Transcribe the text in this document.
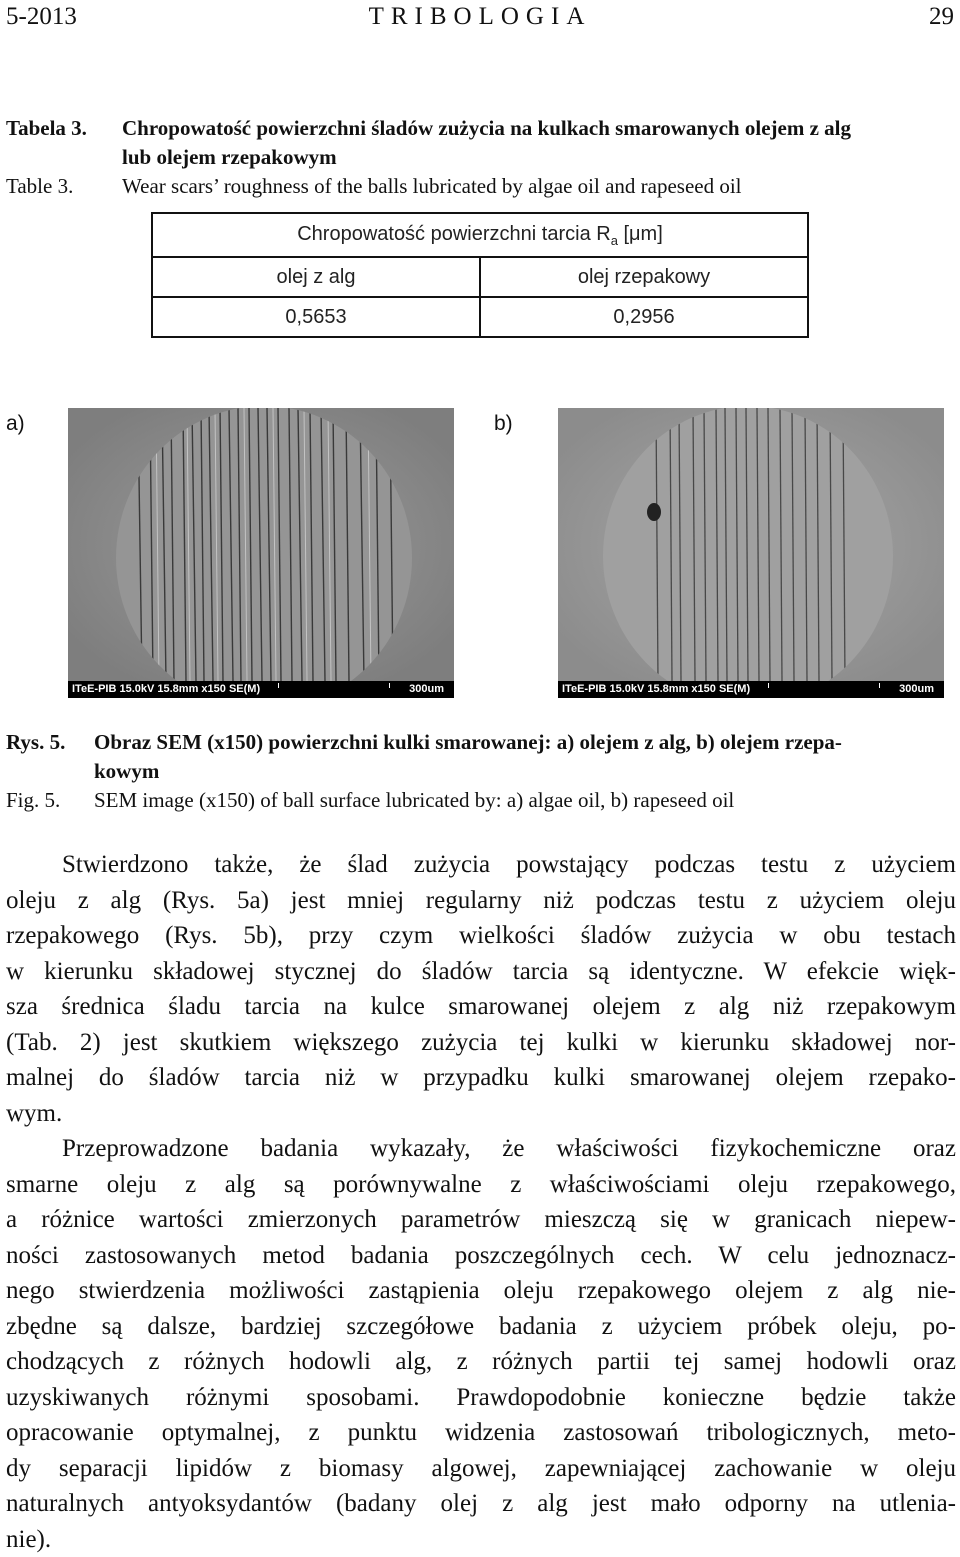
5-2013	TRIBOLOGIA	29
Tabela 3.	Chropowatość powierzchni śladów zużycia na kulkach smarowanych olejem z alg
lub olejem rzepakowym
Table 3.	Wear scars’ roughness of the balls lubricated by algae oil and rapeseed oil
Chropowatość powierzchni tarcia $R_a$ [μm]	
olej z alg	olej rzepakowy
0,5653	0,2956
a)	b)
ITeE-PIB 15.0kV 15.8mm x150 SE(M)	300um	ITeE-PIB 15.0kV 15.8mm x150 SE(M)	300um
Rys. 5.	Obraz SEM (x150) powierzchni kulki smarowanej: a) olejem z alg, b) olejem rzepa-
kowym
Fig. 5.	SEM image (x150) of ball surface lubricated by: a) algae oil, b) rapeseed oil
Stwierdzono także, że ślad zużycia powstający podczas testu z użyciem
oleju z alg (Rys. 5a) jest mniej regularny niż podczas testu z użyciem oleju
rzepakowego (Rys. 5b), przy czym wielkości śladów zużycia w obu testach
w kierunku składowej stycznej do śladów tarcia są identyczne. W efekcie więk-
sza średnica śladu tarcia na kulce smarowanej olejem z alg niż rzepakowym
(Tab. 2) jest skutkiem większego zużycia tej kulki w kierunku składowej nor-
malnej do śladów tarcia niż w przypadku kulki smarowanej olejem rzepako-
wym.
Przeprowadzone badania wykazały, że właściwości fizykochemiczne oraz
smarne oleju z alg są porównywalne z właściwościami oleju rzepakowego,
a różnice wartości zmierzonych parametrów mieszczą się w granicach niepew-
ności zastosowanych metod badania poszczególnych cech. W celu jednoznacz-
nego stwierdzenia możliwości zastąpienia oleju rzepakowego olejem z alg nie-
zbędne są dalsze, bardziej szczegółowe badania z użyciem próbek oleju, po-
chodzących z różnych hodowli alg, z różnych partii tej samej hodowli oraz
uzyskiwanych różnymi sposobami. Prawdopodobnie konieczne będzie także
opracowanie optymalnej, z punktu widzenia zastosowań tribologicznych, meto-
dy separacji lipidów z biomasy algowej, zapewniającej zachowanie w oleju
naturalnych antyoksydantów (badany olej z alg jest mało odporny na utlenia-
nie).
